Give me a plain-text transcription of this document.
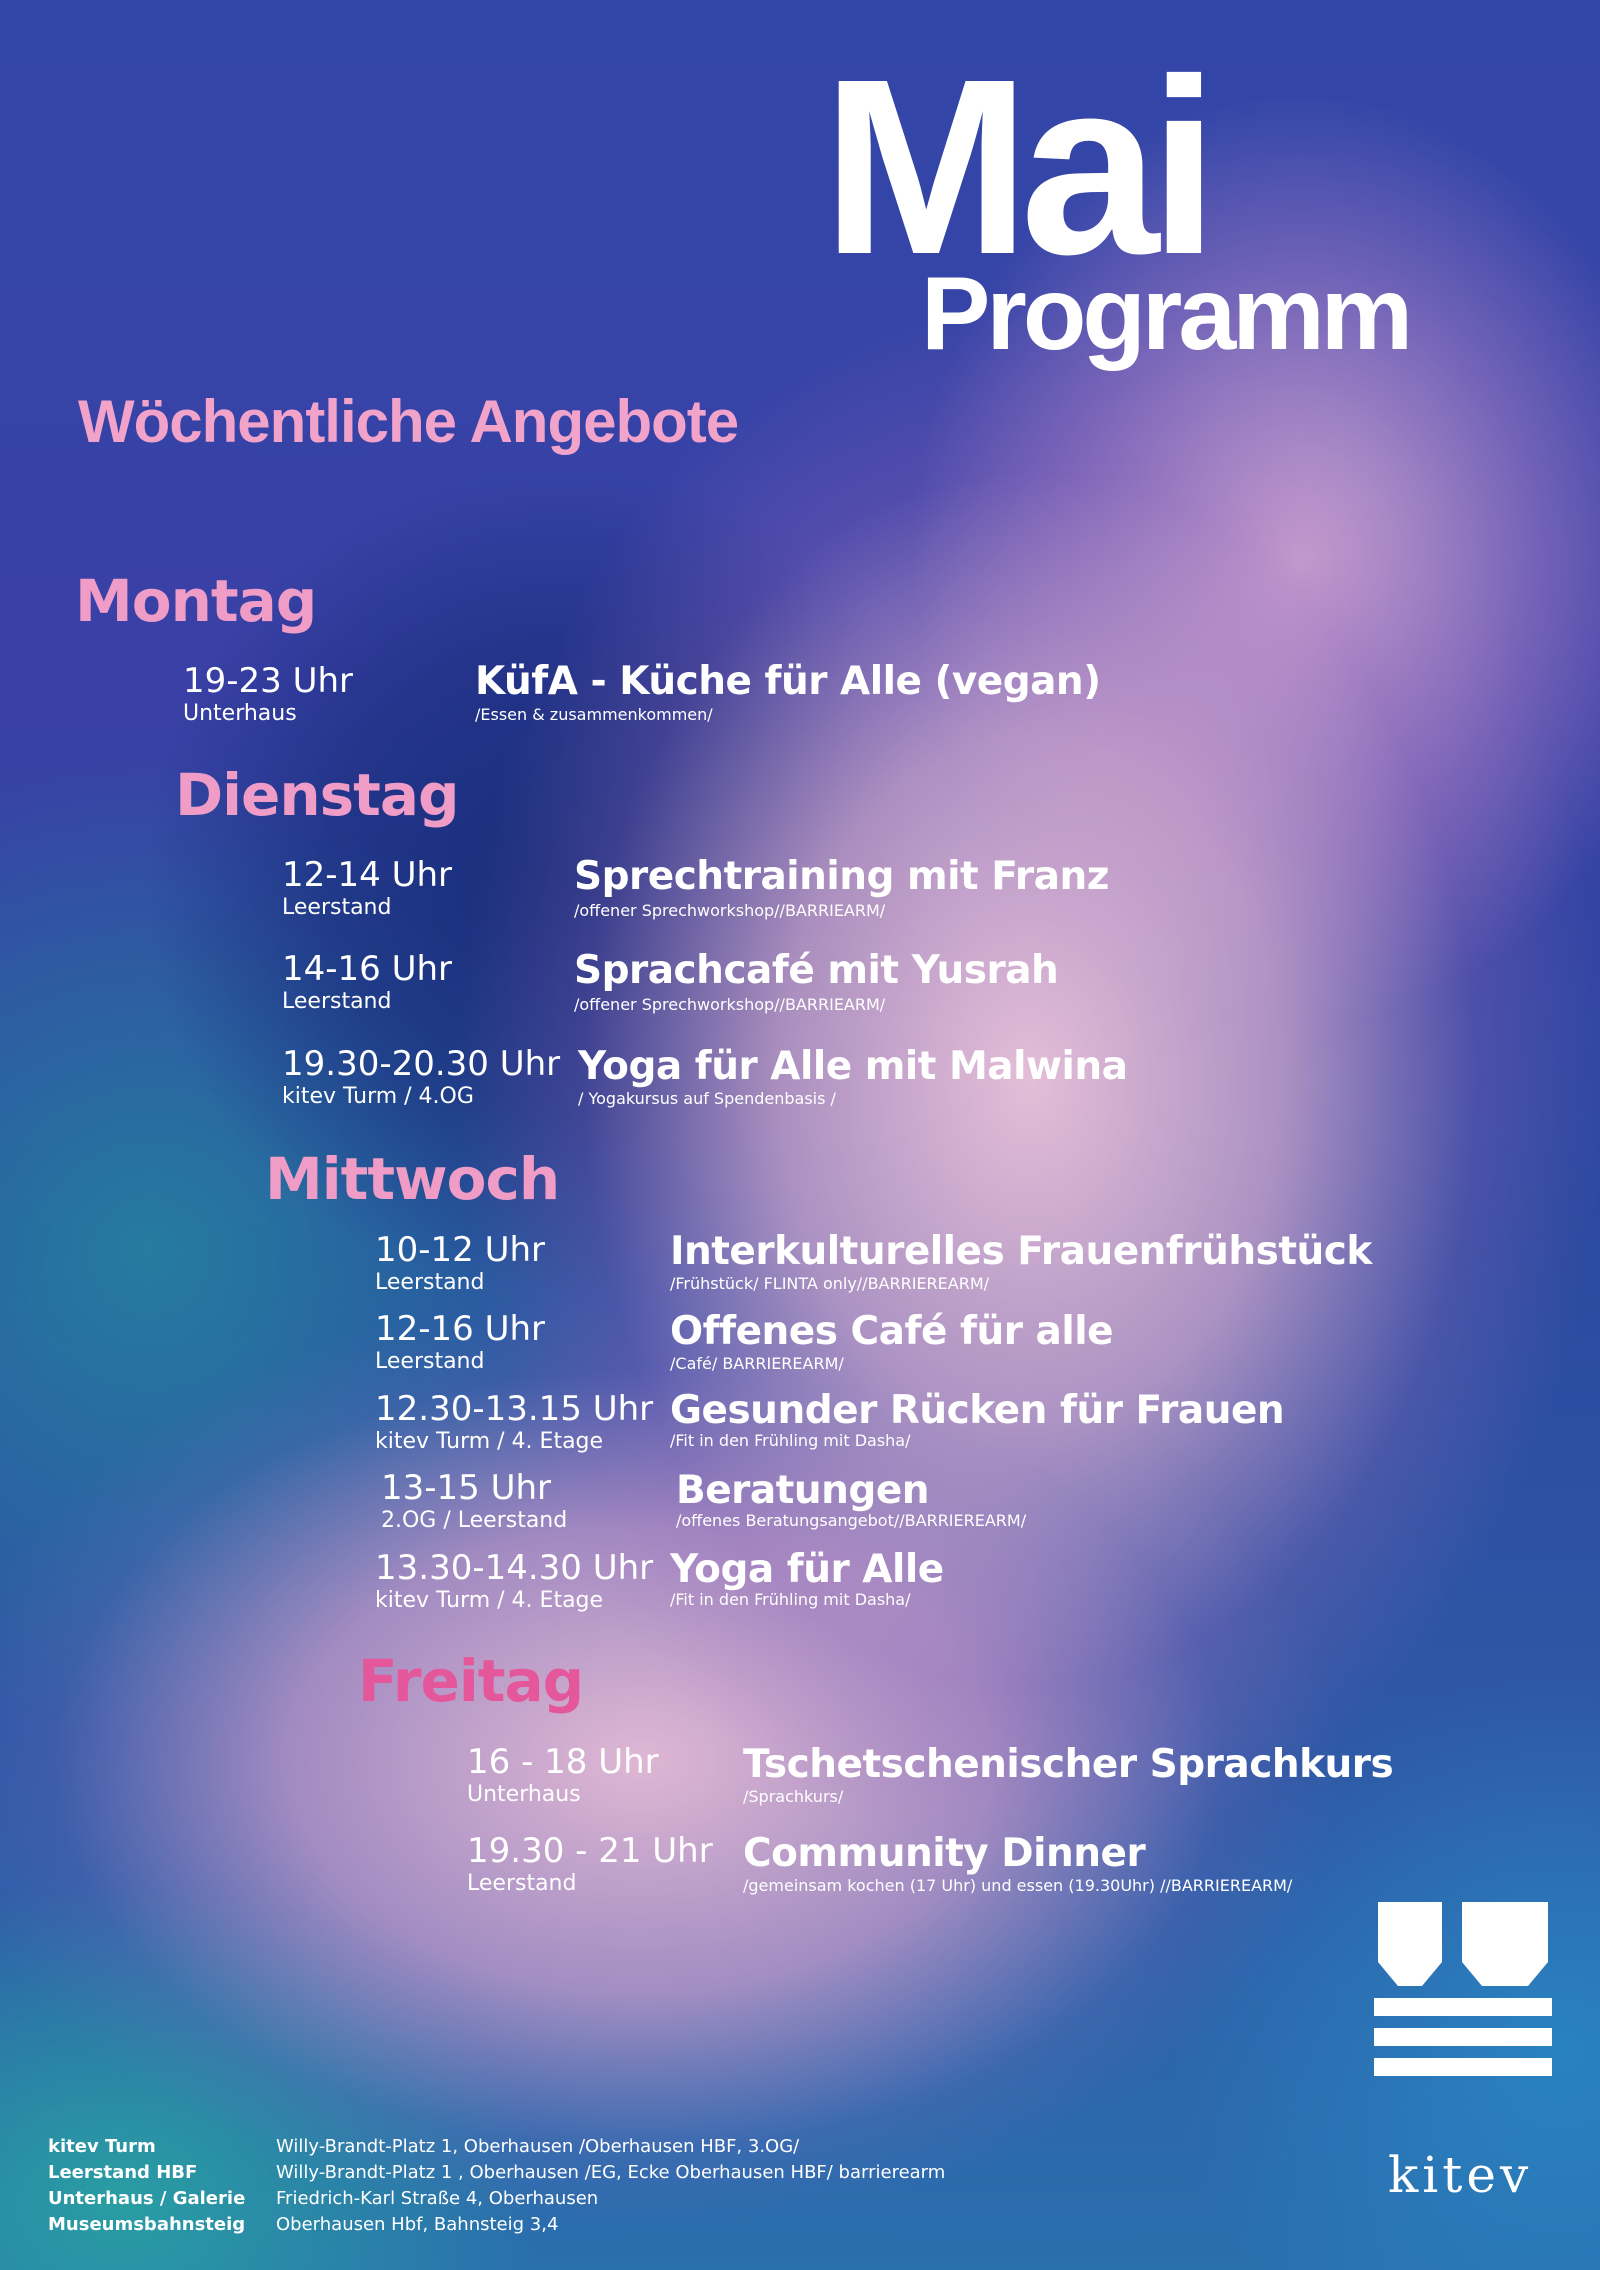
Mai
Programm
Wöchentliche Angebote
Montag
19-23 Uhr
Unterhaus
KüfA - Küche für Alle (vegan)
/Essen & zusammenkommen/
Dienstag
12-14 Uhr
Leerstand
Sprechtraining mit Franz
/offener Sprechworkshop//BARRIEARM/
14-16 Uhr
Leerstand
Sprachcafé mit Yusrah
/offener Sprechworkshop//BARRIEARM/
19.30-20.30 Uhr
kitev Turm / 4.OG
Yoga für Alle mit Malwina
/ Yogakursus auf Spendenbasis /
Mittwoch
10-12 Uhr
Leerstand
Interkulturelles Frauenfrühstück
/Frühstück/ FLINTA only//BARRIEREARM/
12-16 Uhr
Leerstand
Offenes Café für alle
/Café/ BARRIEREARM/
12.30-13.15 Uhr
kitev Turm / 4. Etage
Gesunder Rücken für Frauen
/Fit in den Frühling mit Dasha/
13-15 Uhr
2.OG / Leerstand
Beratungen
/offenes Beratungsangebot//BARRIEREARM/
13.30-14.30 Uhr
kitev Turm / 4. Etage
Yoga für Alle
/Fit in den Frühling mit Dasha/
Freitag
16 - 18 Uhr
Unterhaus
Tschetschenischer Sprachkurs
/Sprachkurs/
19.30 - 21 Uhr
Leerstand
Community Dinner
/gemeinsam kochen (17 Uhr) und essen (19.30Uhr) //BARRIEREARM/
kitev
kitev Turm	Willy-Brandt-Platz 1, Oberhausen /Oberhausen HBF, 3.OG/
Leerstand HBF	Willy-Brandt-Platz 1 , Oberhausen /EG, Ecke Oberhausen HBF/ barrierearm
Unterhaus / Galerie Friedrich-Karl Straße 4, Oberhausen
Museumsbahnsteig Oberhausen Hbf, Bahnsteig 3,4
